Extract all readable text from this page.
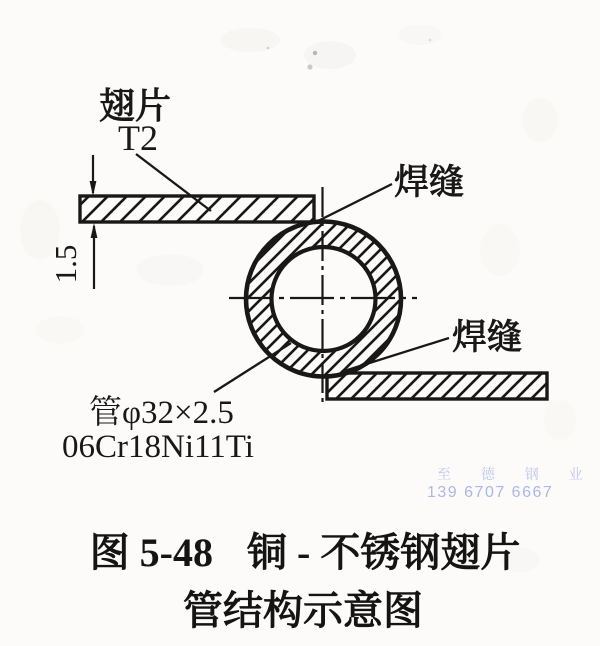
1.5
翅片
T2
焊缝
焊缝
管φ32×2.5
06Cr18Ni11Ti
至 德 钢 业
139 6707 6667
图 5-48 铜 - 不锈钢翅片
管结构示意图
